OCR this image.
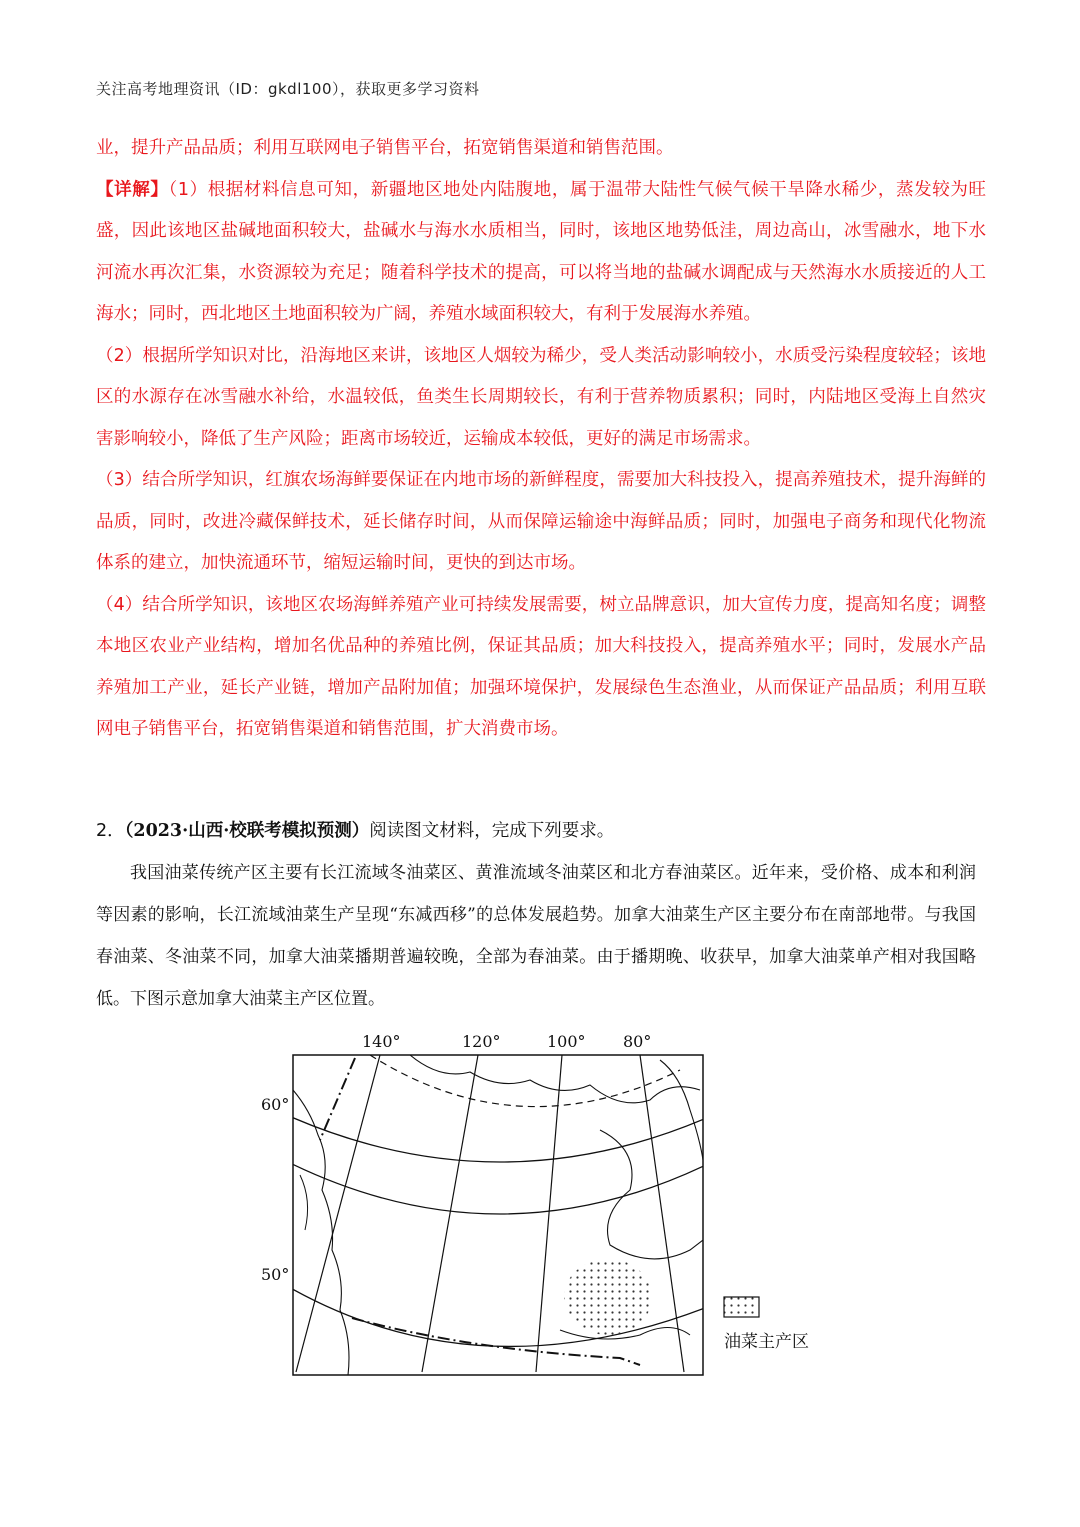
关注高考地理资讯（ID：gkdl100），获取更多学习资料

业，提升产品品质；利用互联网电子销售平台，拓宽销售渠道和销售范围。

【详解】（1）根据材料信息可知，新疆地区地处内陆腹地，属于温带大陆性气候气候干旱降水稀少，蒸发较为旺盛，因此该地区盐碱地面积较大，盐碱水与海水水质相当，同时，该地区地势低洼，周边高山，冰雪融水，地下水河流水再次汇集，水资源较为充足；随着科学技术的提高，可以将当地的盐碱水调配成与天然海水水质接近的人工海水；同时，西北地区土地面积较为广阔，养殖水域面积较大，有利于发展海水养殖。

（2）根据所学知识对比，沿海地区来讲，该地区人烟较为稀少，受人类活动影响较小，水质受污染程度较轻；该地区的水源存在冰雪融水补给，水温较低，鱼类生长周期较长，有利于营养物质累积；同时，内陆地区受海上自然灾害影响较小，降低了生产风险；距离市场较近，运输成本较低，更好的满足市场需求。

（3）结合所学知识，红旗农场海鲜要保证在内地市场的新鲜程度，需要加大科技投入，提高养殖技术，提升海鲜的品质，同时，改进冷藏保鲜技术，延长储存时间，从而保障运输途中海鲜品质；同时，加强电子商务和现代化物流体系的建立，加快流通环节，缩短运输时间，更快的到达市场。

（4）结合所学知识，该地区农场海鲜养殖产业可持续发展需要，树立品牌意识，加大宣传力度，提高知名度；调整本地区农业产业结构，增加名优品种的养殖比例，保证其品质；加大科技投入，提高养殖水平；同时，发展水产品养殖加工产业，延长产业链，增加产品附加值；加强环境保护，发展绿色生态渔业，从而保证产品品质；利用互联网电子销售平台，拓宽销售渠道和销售范围，扩大消费市场。

2．（2023·山西·校联考模拟预测）阅读图文材料，完成下列要求。

我国油菜传统产区主要有长江流域冬油菜区、黄淮流域冬油菜区和北方春油菜区。近年来，受价格、成本和利润等因素的影响，长江流域油菜生产呈现“东减西移”的总体发展趋势。加拿大油菜生产区主要分布在南部地带。与我国春油菜、冬油菜不同，加拿大油菜播期普遍较晚，全部为春油菜。由于播期晚、收获早，加拿大油菜单产相对我国略低。下图示意加拿大油菜主产区位置。

140°	120°	100° 80°
60°
50°
油菜主产区
